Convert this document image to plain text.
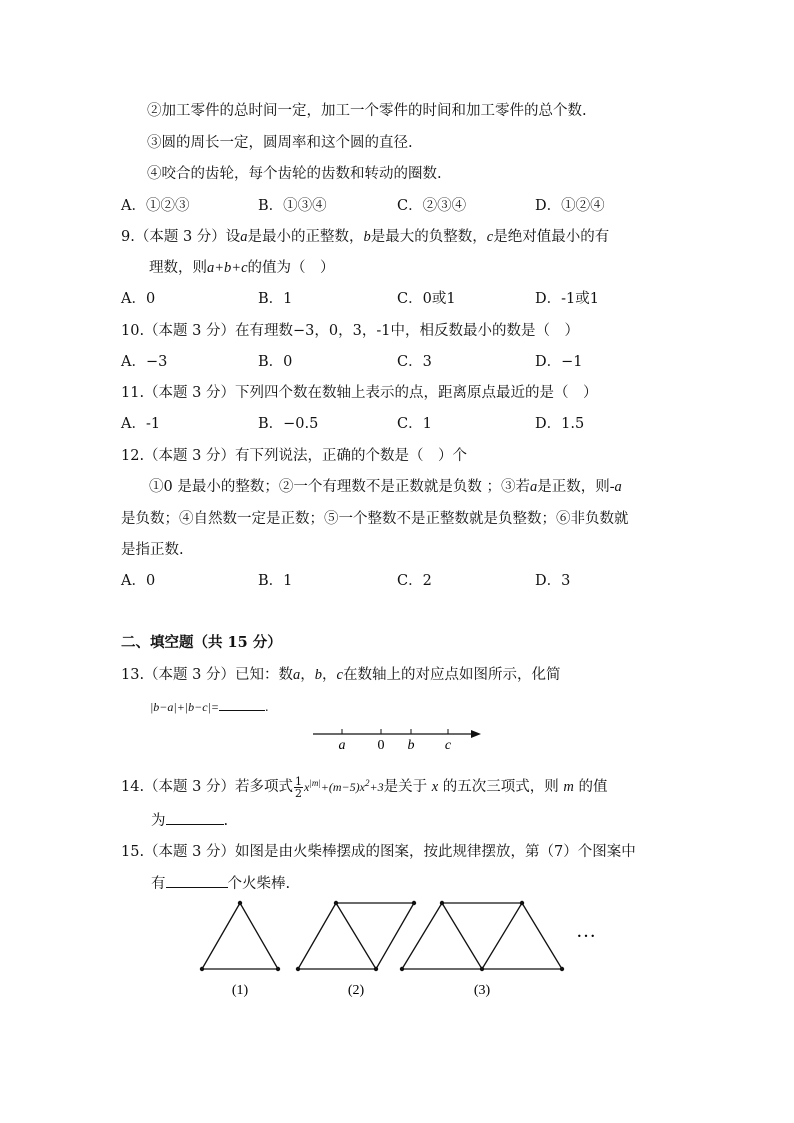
②加工零件的总时间一定，加工一个零件的时间和加工零件的总个数.
③圆的周长一定，圆周率和这个圆的直径.
④咬合的齿轮，每个齿轮的齿数和转动的圈数.
A．①②③	B．①③④	C．②③④	D．①②④
9.（本题 3 分）设a是最小的正整数，b是最大的负整数，c是绝对值最小的有
理数，则a+b+c的值为（　）
A．0	B．1	C．0或1	D．-1或1
10.（本题 3 分）在有理数−3，0，3，-1中，相反数最小的数是（　）
A．−3	B．0	C．3	D．−1
11.（本题 3 分）下列四个数在数轴上表示的点，距离原点最近的是（　）
A．-1	B．−0.5	C．1	D．1.5
12.（本题 3 分）有下列说法，正确的个数是（　）个
①0 是最小的整数；②一个有理数不是正数就是负数 ；③若a是正数，则-a
是负数；④自然数一定是正数；⑤一个整数不是正整数就是负整数；⑥非负数就
是指正数.
A．0	B．1	C．2	D．3
二、填空题（共 15 分）
13.（本题 3 分）已知：数a，b，c在数轴上的对应点如图所示，化简
|b−a|+|b−c|=	.
a 0 b c
14.（本题 3 分）若多项式 $\frac{1}{2} x^{|m|}+(m-5)x^2+3$是关于 x 的五次三项式，则 m 的值
为	.
15.（本题 3 分）如图是由火柴棒摆成的图案，按此规律摆放，第（7）个图案中
有	个火柴棒.
(1)	(2)	(3)
…
